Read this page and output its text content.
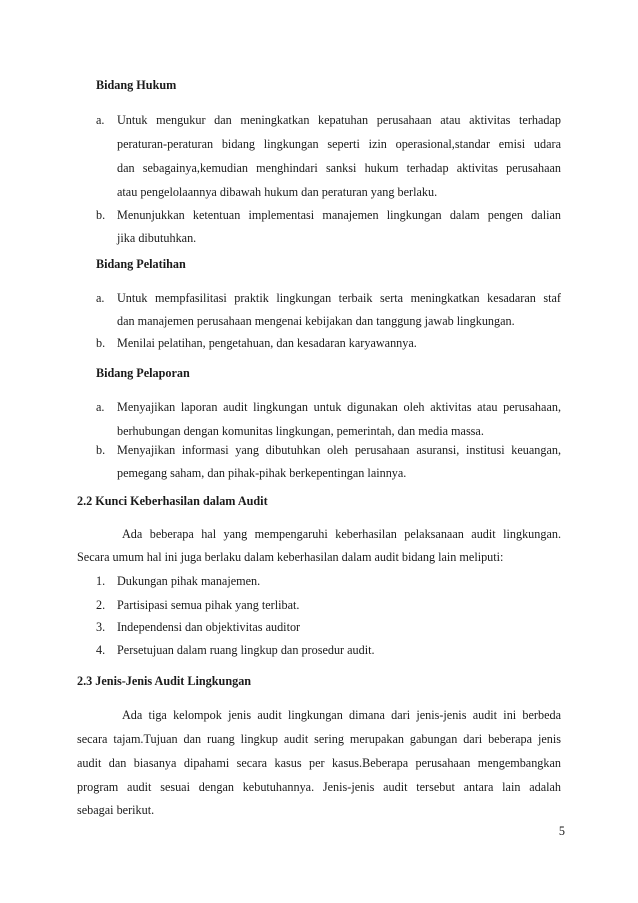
Bidang Hukum
a. Untuk mengukur dan meningkatkan kepatuhan perusahaan atau aktivitas terhadap
peraturan-peraturan bidang lingkungan seperti izin operasional,standar emisi udara
dan sebagainya,kemudian menghindari sanksi hukum terhadap aktivitas perusahaan
atau pengelolaannya dibawah hukum dan peraturan yang berlaku.
b. Menunjukkan ketentuan implementasi manajemen lingkungan dalam pengen dalian
jika dibutuhkan.
Bidang Pelatihan
a. Untuk mempfasilitasi praktik lingkungan terbaik serta meningkatkan kesadaran staf
dan manajemen perusahaan mengenai kebijakan dan tanggung jawab lingkungan.
b. Menilai pelatihan, pengetahuan, dan kesadaran karyawannya.
Bidang Pelaporan
a. Menyajikan laporan audit lingkungan untuk digunakan oleh aktivitas atau perusahaan,
berhubungan dengan komunitas lingkungan, pemerintah, dan media massa.
b. Menyajikan informasi yang dibutuhkan oleh perusahaan asuransi, institusi keuangan,
pemegang saham, dan pihak-pihak berkepentingan lainnya.
2.2 Kunci Keberhasilan dalam Audit
Ada beberapa hal yang mempengaruhi keberhasilan pelaksanaan audit lingkungan.
Secara umum hal ini juga berlaku dalam keberhasilan dalam audit bidang lain meliputi:
1. Dukungan pihak manajemen.
2. Partisipasi semua pihak yang terlibat.
3. Independensi dan objektivitas auditor
4. Persetujuan dalam ruang lingkup dan prosedur audit.
2.3 Jenis-Jenis Audit Lingkungan
Ada tiga kelompok jenis audit lingkungan dimana dari jenis-jenis audit ini berbeda
secara tajam.Tujuan dan ruang lingkup audit sering merupakan gabungan dari beberapa jenis
audit dan biasanya dipahami secara kasus per kasus.Beberapa perusahaan mengembangkan
program audit sesuai dengan kebutuhannya. Jenis-jenis audit tersebut antara lain adalah
sebagai berikut.
5
